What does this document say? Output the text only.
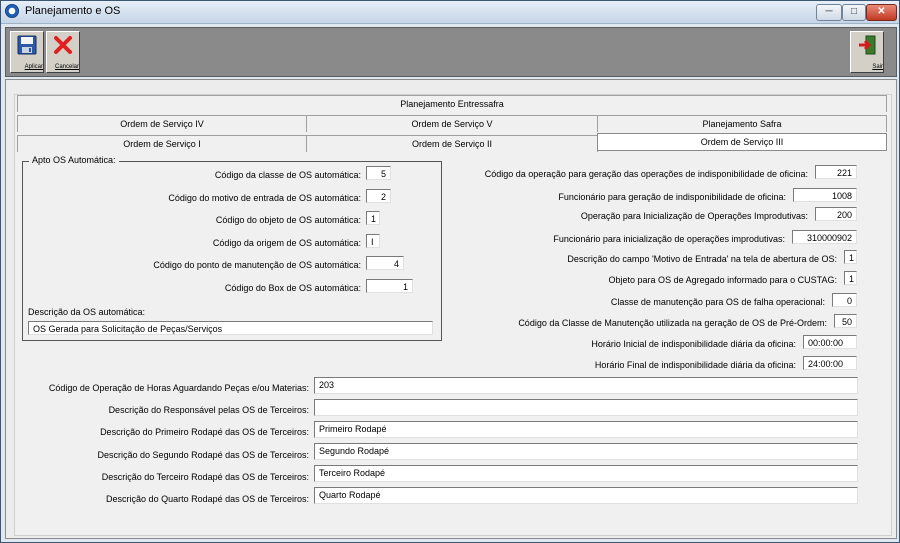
Planejamento e OS	─	□	✕
Aplicar	Cancelar	Sair
Planejamento Entressafra
Ordem de Serviço IV	Ordem de Serviço V	Planejamento Safra
Ordem de Serviço I	Ordem de Serviço II	Ordem de Serviço III
Apto OS Automática:
Código da classe de OS automática:	5
Código do motivo de entrada de OS automática:	2
Código do objeto de OS automática:	1
Código da origem de OS automática:	I
Código do ponto de manutenção de OS automática:	4
Código do Box de OS automática:	1
Descrição da OS automática:
OS Gerada para Solicitação de Peças/Serviços
Código da operação para geração das operações de indisponibilidade de oficina:	221
Funcionário para geração de indisponibilidade de oficina:	1008
Operação para Inicialização de Operações Improdutivas:	200
Funcionário para inicialização de operações improdutivas:	310000902
Descrição do campo 'Motivo de Entrada' na tela de abertura de OS:	1
Objeto para OS de Agregado informado para o CUSTAG:	1
Classe de manutenção para OS de falha operacional:	0
Código da Classe de Manutenção utilizada na geração de OS de Pré-Ordem:	50
Horário Inicial de indisponibilidade diária da oficina:	00:00:00
Horário Final de indisponibilidade diária da oficina:	24:00:00
Código de Operação de Horas Aguardando Peças e/ou Materias:	203
Descrição do Responsável pelas OS de Terceiros:
Descrição do Primeiro Rodapé das OS de Terceiros:	Primeiro Rodapé
Descrição do Segundo Rodapé das OS de Terceiros:	Segundo Rodapé
Descrição do Terceiro Rodapé das OS de Terceiros:	Terceiro Rodapé
Descrição do Quarto Rodapé das OS de Terceiros:	Quarto Rodapé
